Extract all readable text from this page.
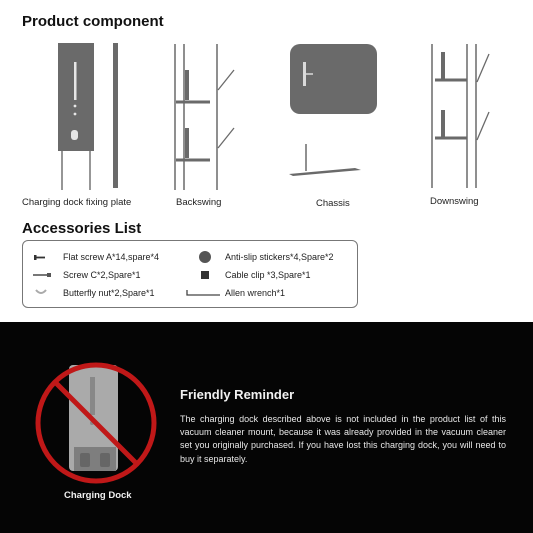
Product component
Charging dock fixing plate	Backswing	Chassis	Downswing
Accessories List
Flat screw A*14,spare*4
Screw C*2,Spare*1
Butterfly nut*2,Spare*1
Anti-slip stickers*4,Spare*2
Cable clip *3,Spare*1
Allen wrench*1
Charging Dock
Friendly Reminder
The charging dock described above is not included in the product list of this vacuum cleaner mount, because it was already provided in the vacuum cleaner set you originally purchased. If you have lost this charging dock, you will need to buy it separately.
